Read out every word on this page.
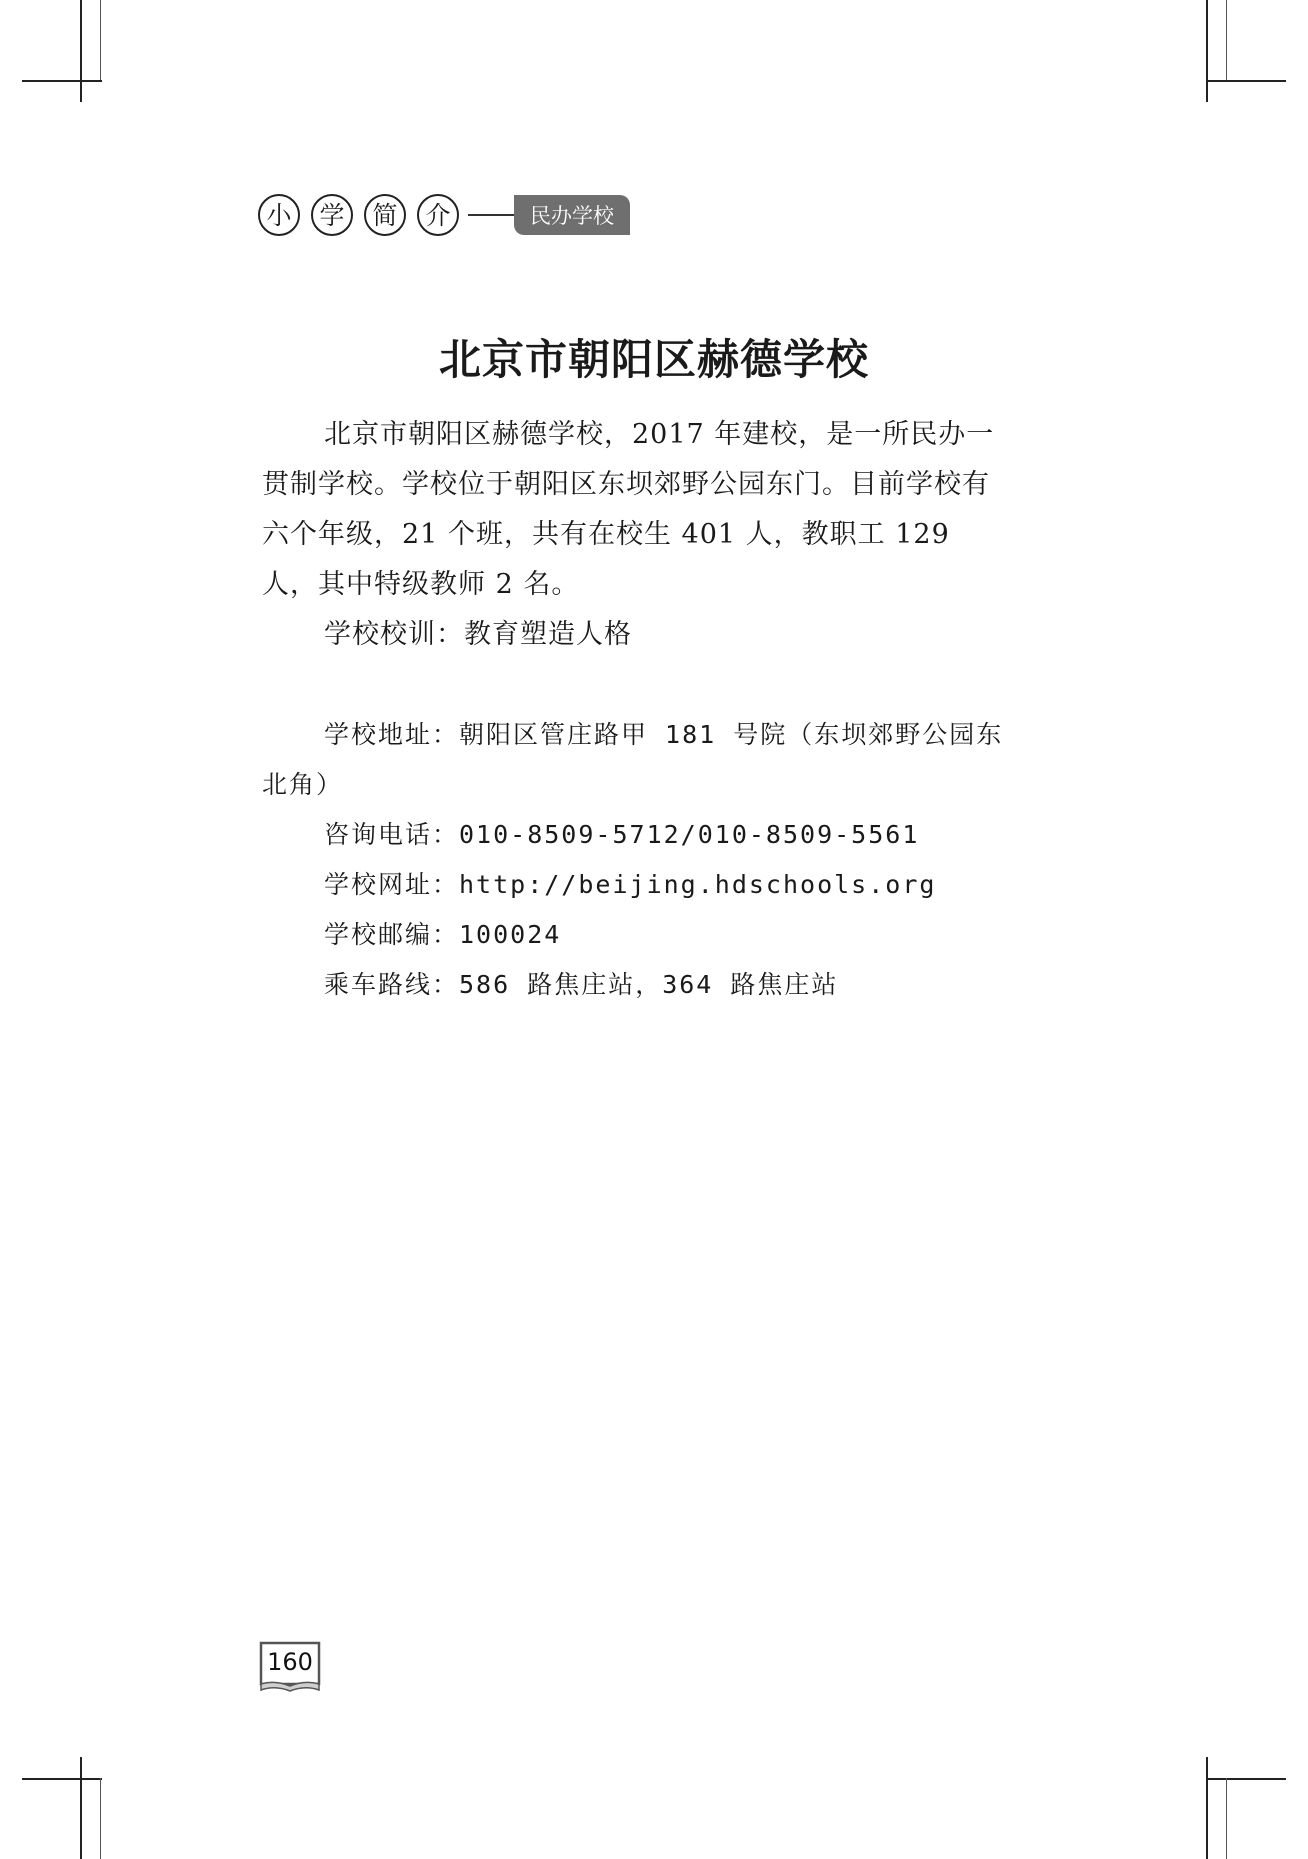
小	学	简	介	民办学校
北京市朝阳区赫德学校

北京市朝阳区赫德学校，2017 年建校，是一所民办一贯制学校。学校位于朝阳区东坝郊野公园东门。目前学校有六个年级，21 个班，共有在校生 401 人，教职工 129 人，其中特级教师 2 名。

学校校训：教育塑造人格

学校地址：朝阳区管庄路甲 181 号院（东坝郊野公园东北角）

咨询电话：010-8509-5712/010-8509-5561

学校网址：http://beijing.hdschools.org

学校邮编：100024

乘车路线：586 路焦庄站，364 路焦庄站

160
